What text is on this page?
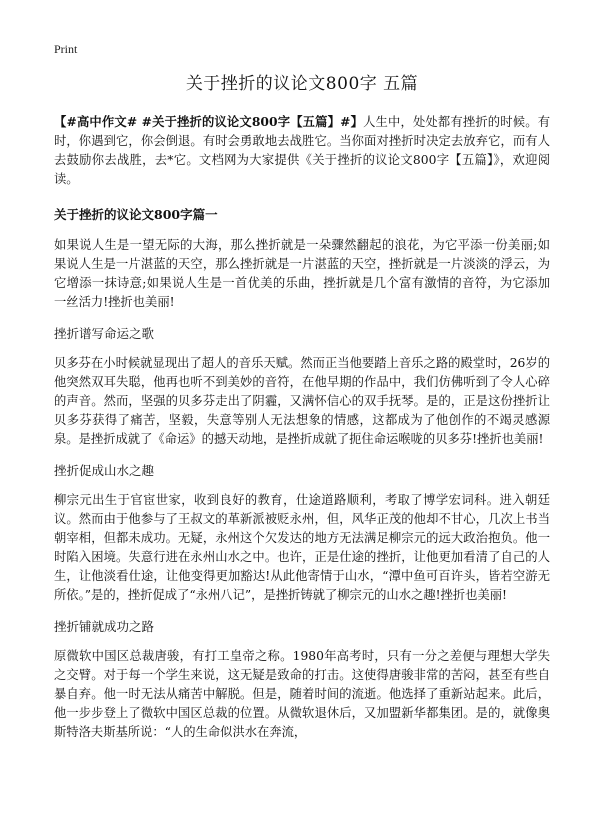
Print
关于挫折的议论文800字 五篇

【#高中作文# #关于挫折的议论文800字【五篇】#】人生中，处处都有挫折的时候。有时，你遇到它，你会倒退。有时会勇敢地去战胜它。当你面对挫折时决定去放弃它，而有人去鼓励你去战胜，去*它。文档网为大家提供《关于挫折的议论文800字【五篇】》，欢迎阅读。

关于挫折的议论文800字篇一

如果说人生是一望无际的大海，那么挫折就是一朵骤然翻起的浪花，为它平添一份美丽;如果说人生是一片湛蓝的天空，那么挫折就是一片湛蓝的天空，挫折就是一片淡淡的浮云，为它增添一抹诗意;如果说人生是一首优美的乐曲，挫折就是几个富有激情的音符，为它添加一丝活力!挫折也美丽!

挫折谱写命运之歌

贝多芬在小时候就显现出了超人的音乐天赋。然而正当他要踏上音乐之路的殿堂时，26岁的他突然双耳失聪，他再也听不到美妙的音符，在他早期的作品中，我们仿佛听到了令人心碎的声音。然而，坚强的贝多芬走出了阴霾，又满怀信心的双手抚琴。是的，正是这份挫折让贝多芬获得了痛苦，坚毅，失意等别人无法想象的情感，这都成为了他创作的不竭灵感源泉。是挫折成就了《命运》的撼天动地，是挫折成就了扼住命运喉咙的贝多芬!挫折也美丽!

挫折促成山水之趣

柳宗元出生于官宦世家，收到良好的教育，仕途道路顺利，考取了博学宏词科。进入朝廷议。然而由于他参与了王叔文的革新派被贬永州，但，风华正茂的他却不甘心，几次上书当朝宰相，但都未成功。无疑，永州这个欠发达的地方无法满足柳宗元的远大政治抱负。他一时陷入困境。失意行进在永州山水之中。也许，正是仕途的挫折，让他更加看清了自己的人生，让他淡看仕途，让他变得更加豁达!从此他寄情于山水，“潭中鱼可百许头，皆若空游无所依。”是的，挫折促成了“永州八记”，是挫折铸就了柳宗元的山水之趣!挫折也美丽!

挫折铺就成功之路

原微软中国区总裁唐骏，有打工皇帝之称。1980年高考时，只有一分之差便与理想大学失之交臂。对于每一个学生来说，这无疑是致命的打击。这使得唐骏非常的苦闷，甚至有些自暴自弃。他一时无法从痛苦中解脱。但是，随着时间的流逝。他选择了重新站起来。此后，他一步步登上了微软中国区总裁的位置。从微软退休后，又加盟新华都集团。是的，就像奥斯特洛夫斯基所说：“人的生命似洪水在奔流，
